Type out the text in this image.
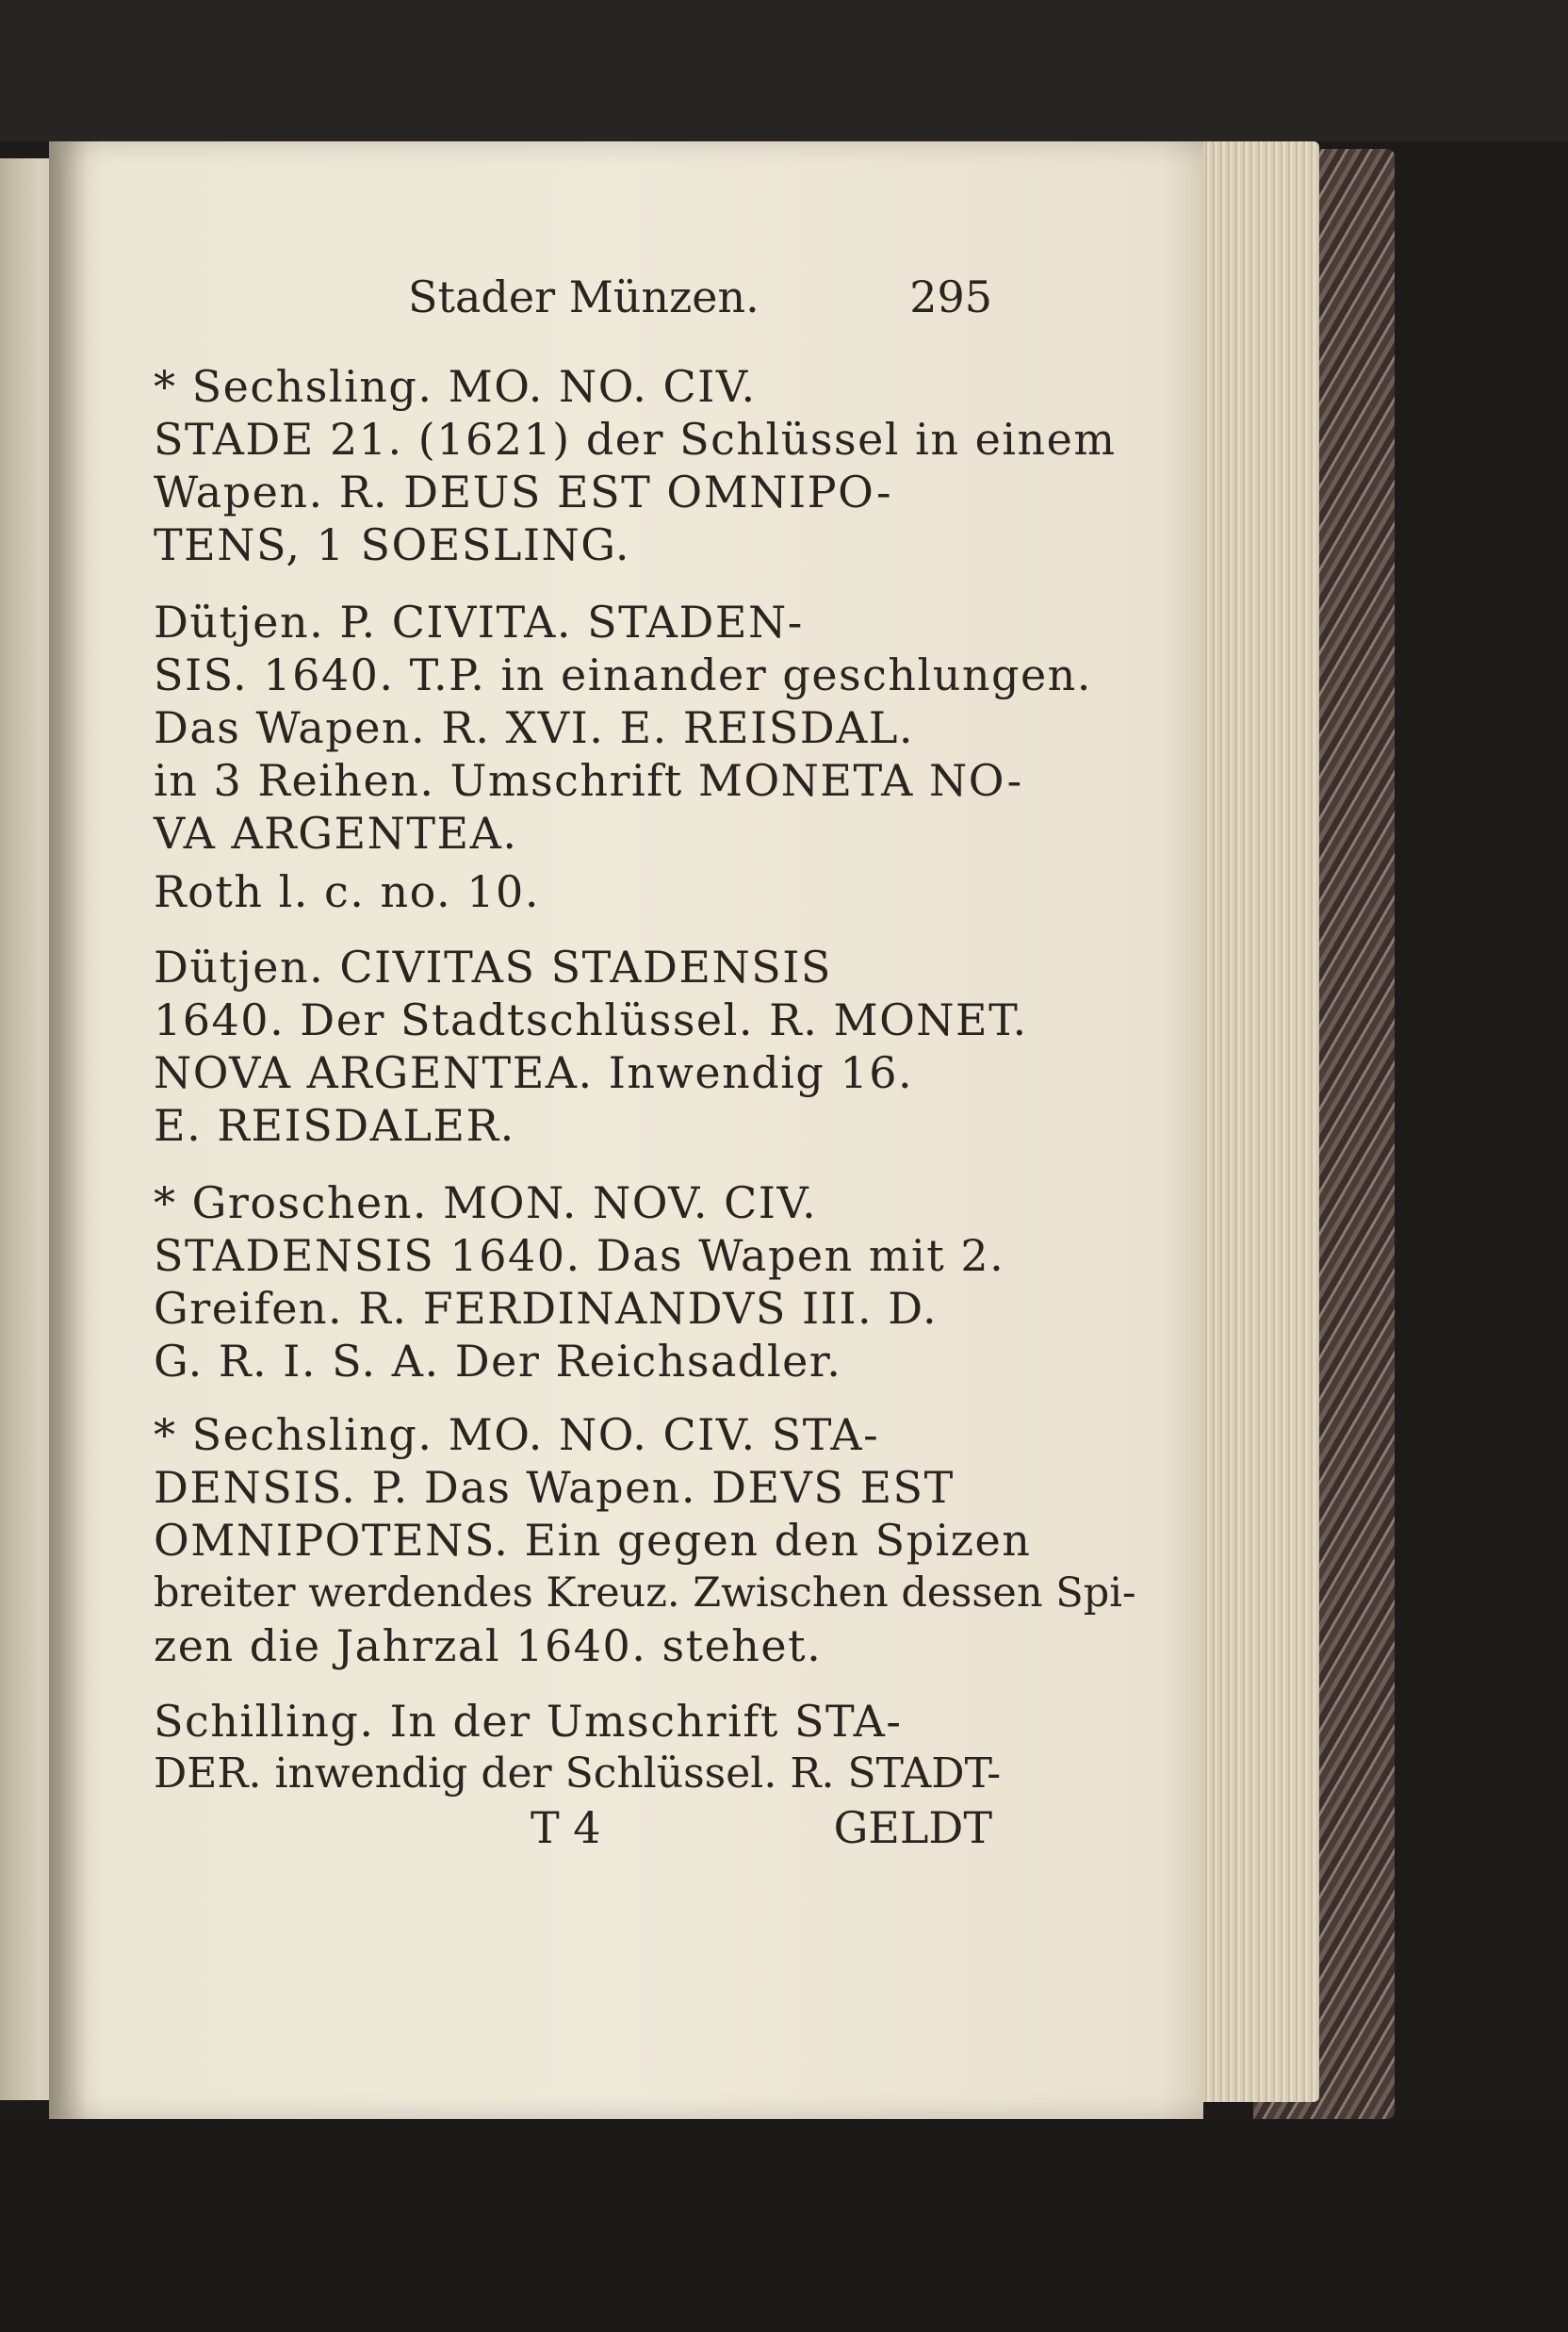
Stader Münzen.	295
* Sechsling. MO. NO. CIV.
STADE 21. (1621) der Schlüssel in einem
Wapen. R. DEUS EST OMNIPO-
TENS, 1 SOESLING.
Dütjen. P. CIVITA. STADEN-
SIS. 1640. T.P. in einander geschlungen.
Das Wapen. R. XVI. E. REISDAL.
in 3 Reihen. Umschrift MONETA NO-
VA ARGENTEA.
Roth l. c. no. 10.
Dütjen. CIVITAS STADENSIS
1640. Der Stadtschlüssel. R. MONET.
NOVA ARGENTEA. Inwendig 16.
E. REISDALER.
* Groschen. MON. NOV. CIV.
STADENSIS 1640. Das Wapen mit 2.
Greifen. R. FERDINANDVS III. D.
G. R. I. S. A. Der Reichsadler.
* Sechsling. MO. NO. CIV. STA-
DENSIS. P. Das Wapen. DEVS EST
OMNIPOTENS. Ein gegen den Spizen
breiter werdendes Kreuz. Zwischen dessen Spi-
zen die Jahrzal 1640. stehet.
Schilling. In der Umschrift STA-
DER. inwendig der Schlüssel. R. STADT-
T 4	GELDT
